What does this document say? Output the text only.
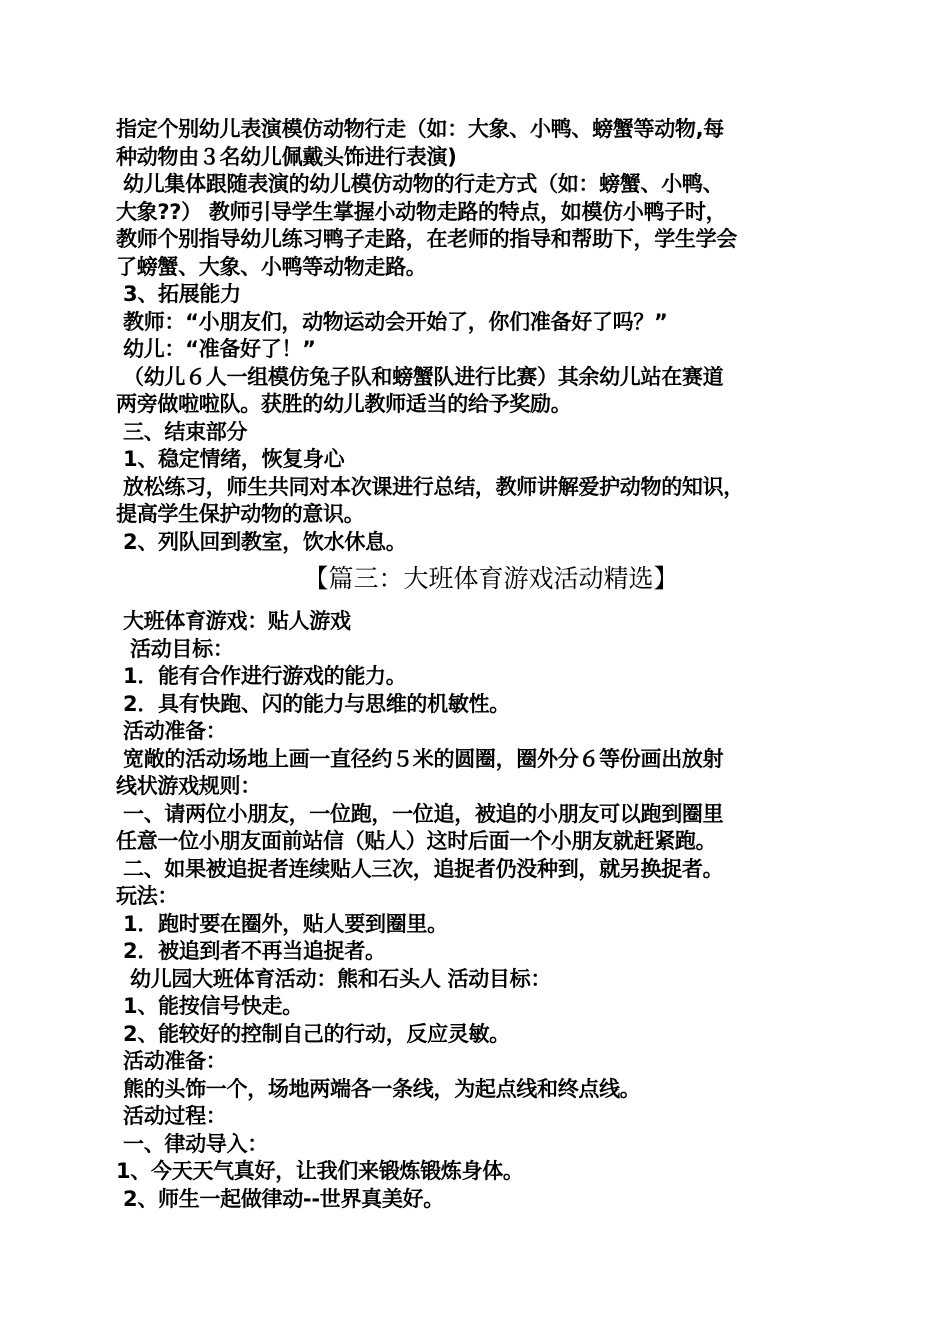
指定个别幼儿表演模仿动物行走（如：大象、小鸭、螃蟹等动物,每
种动物由３名幼儿佩戴头饰进行表演)
幼儿集体跟随表演的幼儿模仿动物的行走方式（如：螃蟹、小鸭、
大象??） 教师引导学生掌握小动物走路的特点，如模仿小鸭子时，
教师个别指导幼儿练习鸭子走路，在老师的指导和帮助下，学生学会
了螃蟹、大象、小鸭等动物走路。
3、拓展能力
教师：“小朋友们，动物运动会开始了，你们准备好了吗？”
幼儿：“准备好了！”
（幼儿６人一组模仿兔子队和螃蟹队进行比赛）其余幼儿站在赛道
两旁做啦啦队。获胜的幼儿教师适当的给予奖励。
三、结束部分
1、稳定情绪，恢复身心
放松练习，师生共同对本次课进行总结，教师讲解爱护动物的知识，
提高学生保护动物的意识。
2、列队回到教室，饮水休息。
【篇三：大班体育游戏活动精选】
大班体育游戏：贴人游戏
活动目标：
1．能有合作进行游戏的能力。
2．具有快跑、闪的能力与思维的机敏性。
活动准备：
宽敞的活动场地上画一直径约５米的圆圈，圈外分６等份画出放射
线状游戏规则：
一、请两位小朋友，一位跑，一位追，被追的小朋友可以跑到圈里
任意一位小朋友面前站信（贴人）这时后面一个小朋友就赶紧跑。
二、如果被追捉者连续贴人三次，追捉者仍没种到，就另换捉者。
玩法：
1．跑时要在圈外，贴人要到圈里。
2．被追到者不再当追捉者。
幼儿园大班体育活动：熊和石头人 活动目标：
1、能按信号快走。
2、能较好的控制自己的行动，反应灵敏。
活动准备：
熊的头饰一个，场地两端各一条线，为起点线和终点线。
活动过程：
一、律动导入：
1、今天天气真好，让我们来锻炼锻炼身体。
2、师生一起做律动--世界真美好。
